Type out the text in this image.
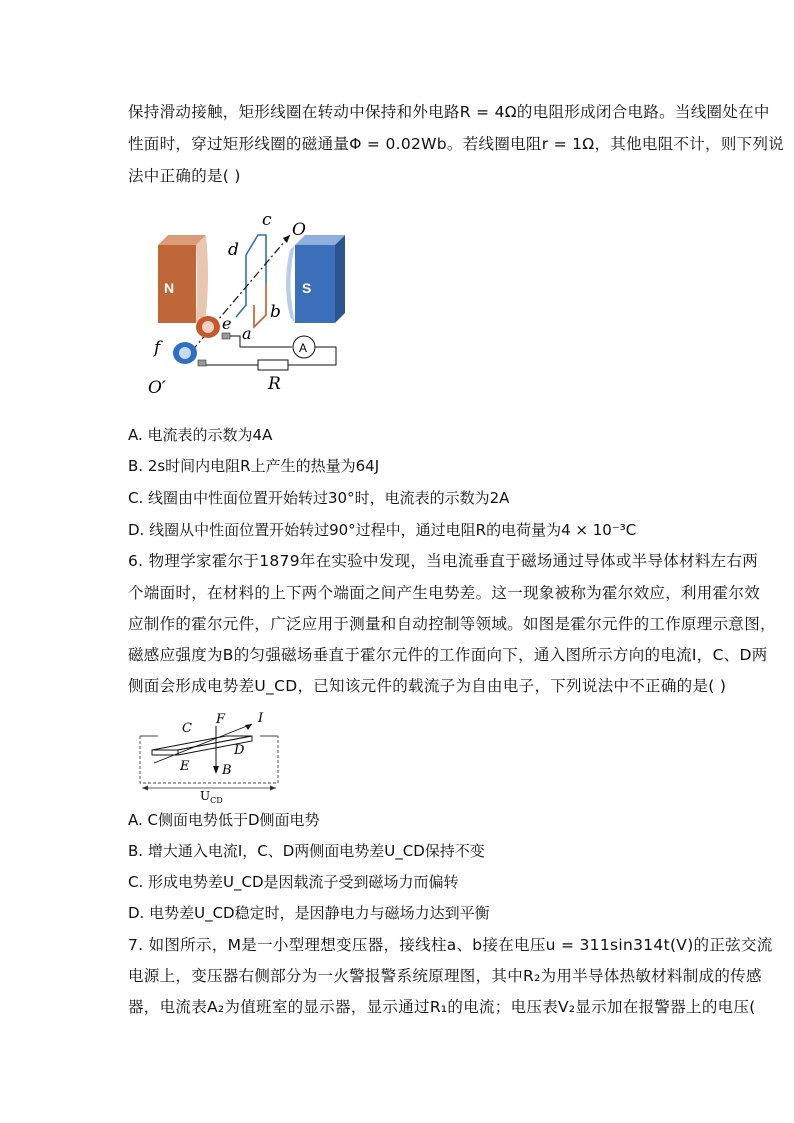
保持滑动接触，矩形线圈在转动中保持和外电路R = 4Ω的电阻形成闭合电路。当线圈处在中
性面时，穿过矩形线圈的磁通量Φ = 0.02Wb。若线圈电阻r = 1Ω，其他电阻不计，则下列说
法中正确的是( )
N	S
A
c
d
O
b
e
a
f
R
O′
A. 电流表的示数为4A
B. 2s时间内电阻R上产生的热量为64J
C. 线圈由中性面位置开始转过30°时，电流表的示数为2A
D. 线圈从中性面位置开始转过90°过程中，通过电阻R的电荷量为4 × 10⁻³C
6. 物理学家霍尔于1879年在实验中发现，当电流垂直于磁场通过导体或半导体材料左右两
个端面时，在材料的上下两个端面之间产生电势差。这一现象被称为霍尔效应，利用霍尔效
应制作的霍尔元件，广泛应用于测量和自动控制等领域。如图是霍尔元件的工作原理示意图，
磁感应强度为B的匀强磁场垂直于霍尔元件的工作面向下，通入图所示方向的电流I，C、D两
侧面会形成电势差U_CD，已知该元件的载流子为自由电子，下列说法中不正确的是( )
C
F	I
D
E	B
$U_{CD}$
A. C侧面电势低于D侧面电势
B. 增大通入电流I，C、D两侧面电势差U_CD保持不变
C. 形成电势差U_CD是因载流子受到磁场力而偏转
D. 电势差U_CD稳定时，是因静电力与磁场力达到平衡
7. 如图所示，M是一小型理想变压器，接线柱a、b接在电压u = 311sin314t(V)的正弦交流
电源上，变压器右侧部分为一火警报警系统原理图，其中R₂为用半导体热敏材料制成的传感
器，电流表A₂为值班室的显示器，显示通过R₁的电流；电压表V₂显示加在报警器上的电压(
